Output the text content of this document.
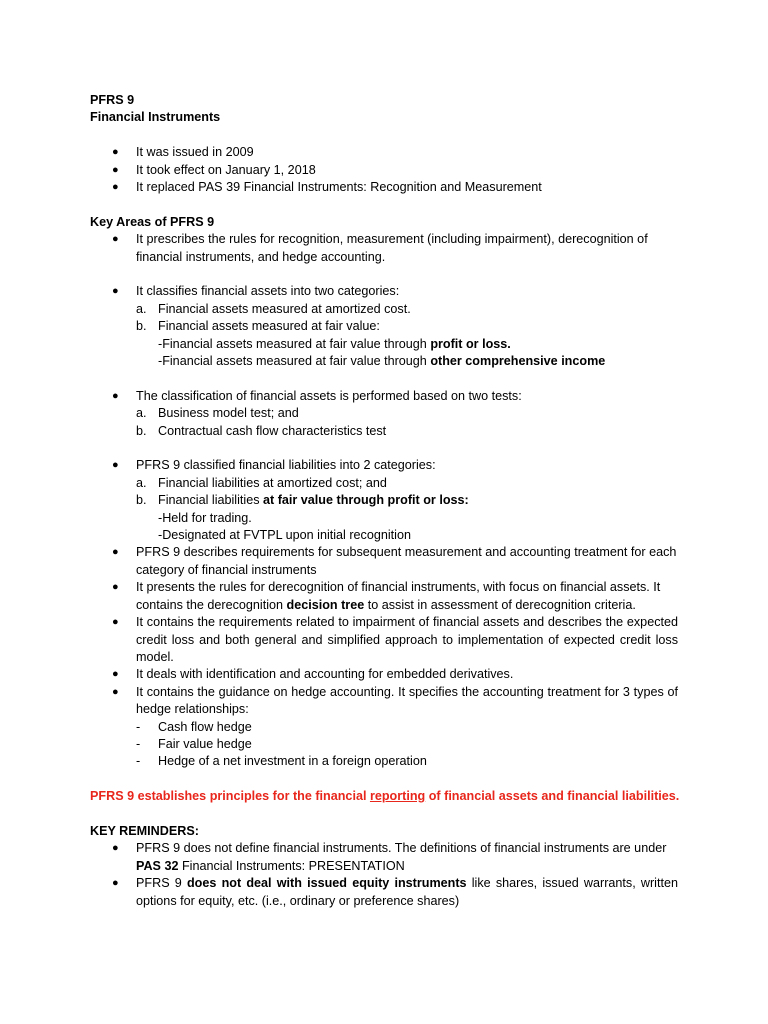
PFRS 9
Financial Instruments
● It was issued in 2009
● It took effect on January 1, 2018
● It replaced PAS 39 Financial Instruments: Recognition and Measurement
Key Areas of PFRS 9
● It prescribes the rules for recognition, measurement (including impairment), derecognition of financial instruments, and hedge accounting.
● It classifies financial assets into two categories:
a. Financial assets measured at amortized cost.
b. Financial assets measured at fair value:
-Financial assets measured at fair value through profit or loss.
-Financial assets measured at fair value through other comprehensive income
● The classification of financial assets is performed based on two tests:
a. Business model test; and
b. Contractual cash flow characteristics test
● PFRS 9 classified financial liabilities into 2 categories:
a. Financial liabilities at amortized cost; and
b. Financial liabilities at fair value through profit or loss:
-Held for trading.
-Designated at FVTPL upon initial recognition
● PFRS 9 describes requirements for subsequent measurement and accounting treatment for each category of financial instruments
● It presents the rules for derecognition of financial instruments, with focus on financial assets. It contains the derecognition decision tree to assist in assessment of derecognition criteria.
● It contains the requirements related to impairment of financial assets and describes the expected credit loss and both general and simplified approach to implementation of expected credit loss model.
● It deals with identification and accounting for embedded derivatives.
● It contains the guidance on hedge accounting. It specifies the accounting treatment for 3 types of hedge relationships:
- Cash flow hedge
- Fair value hedge
- Hedge of a net investment in a foreign operation
PFRS 9 establishes principles for the financial reporting of financial assets and financial liabilities.
KEY REMINDERS:
● PFRS 9 does not define financial instruments. The definitions of financial instruments are under
PAS 32 Financial Instruments: PRESENTATION
● PFRS 9 does not deal with issued equity instruments like shares, issued warrants, written options for equity, etc. (i.e., ordinary or preference shares)
